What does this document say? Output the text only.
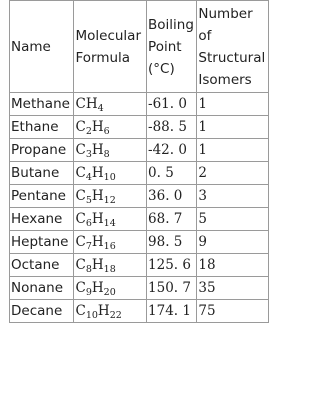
Name	Molecular Formula	Boiling Point (°C)	Number of Structural Isomers
Methane	$CH_4$	-61. 0	1
Ethane	$C_2H_6$	-88. 5	1
Propane	$C_3H_8$	-42. 0	1
Butane	$C_4H_{10}$	0. 5	2
Pentane	$C_5H_{12}$	36. 0	3
Hexane	$C_6H_{14}$	68. 7	5
Heptane	$C_7H_{16}$	98. 5	9
Octane	$C_8H_{18}$	125. 6	18
Nonane	$C_9H_{20}$	150. 7	35
Decane	$C_{10}H_{22}$	174. 1	75
